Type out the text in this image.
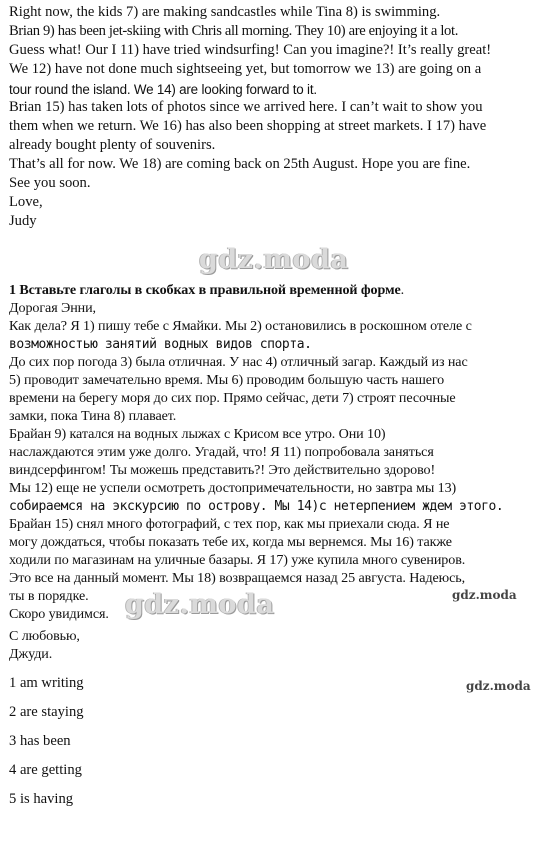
Right now, the kids 7) are making sandcastles while Tina 8) is swimming.

Brian 9) has been jet-skiing with Chris all morning. They 10) are enjoying it a lot.

Guess what! Our I 11) have tried windsurfing! Can you imagine?! It’s really great!

We 12) have not done much sightseeing yet, but tomorrow we 13) are going on a

tour round the island. We 14) are looking forward to it.

Brian 15) has taken lots of photos since we arrived here. I can’t wait to show you

them when we return. We 16) has also been shopping at street markets. I 17) have

already bought plenty of souvenirs.

That’s all for now. We 18) are coming back on 25th August. Hope you are fine.

See you soon.

Love,

Judy

gdz.moda

1 Вставьте глаголы в скобках в правильной временной форме.

Дорогая Энни,

Как дела? Я 1) пишу тебе с Ямайки. Мы 2) остановились в роскошном отеле с

возможностью занятий водных видов спорта.

До сих пор погода 3) была отличная. У нас 4) отличный загар. Каждый из нас

5) проводит замечательно время. Мы 6) проводим большую часть нашего

времени на берегу моря до сих пор. Прямо сейчас, дети 7) строят песочные

замки, пока Тина 8) плавает.

Брайан 9) катался на водных лыжах с Крисом все утро. Они 10)

наслаждаются этим уже долго. Угадай, что! Я 11) попробовала заняться

виндсерфингом! Ты можешь представить?! Это действительно здорово!

Мы 12) еще не успели осмотреть достопримечательности, но завтра мы 13)

собираемся на экскурсию по острову. Мы 14)с нетерпением ждем этого.

Брайан 15) снял много фотографий, с тех пор, как мы приехали сюда. Я не

могу дождаться, чтобы показать тебе их, когда мы вернемся. Мы 16) также

ходили по магазинам на уличные базары. Я 17) уже купила много сувениров.

Это все на данный момент. Мы 18) возвращаемся назад 25 августа. Надеюсь,

ты в порядке.

Скоро увидимся.

С любовью,

Джуди.

gdz.moda	gdz.moda
gdz.moda
1 am writing
2 are staying
3 has been
4 are getting
5 is having
